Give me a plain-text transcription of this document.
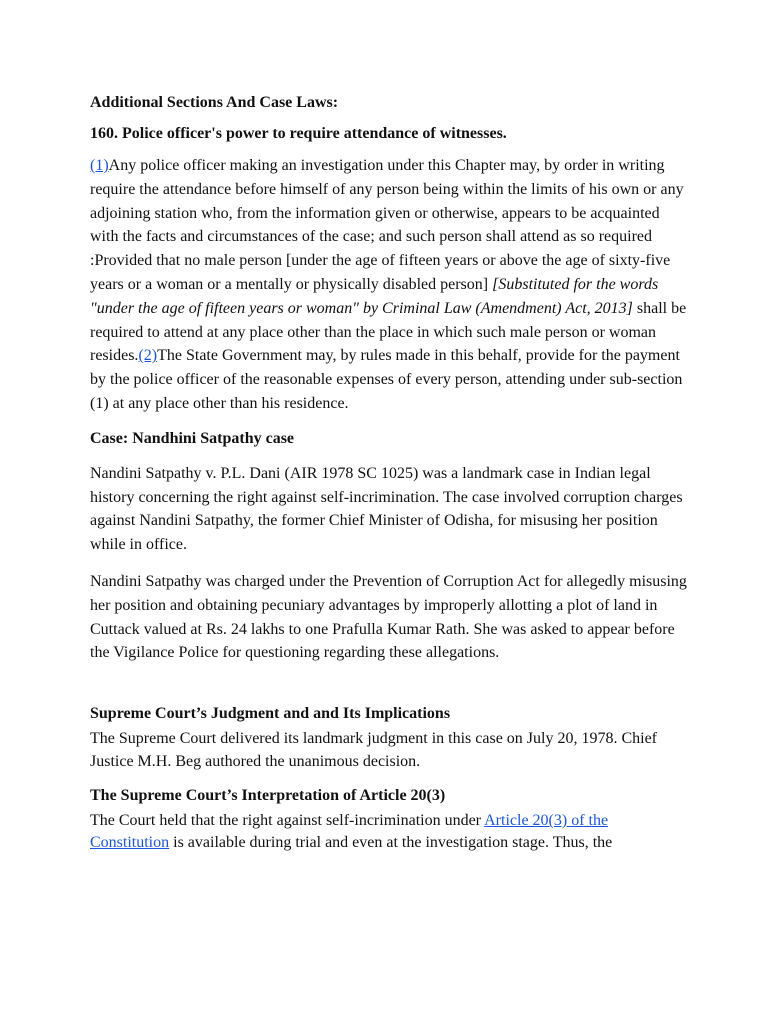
Additional Sections And Case Laws:

160. Police officer's power to require attendance of witnesses.

(1)Any police officer making an investigation under this Chapter may, by order in writing require the attendance before himself of any person being within the limits of his own or any adjoining station who, from the information given or otherwise, appears to be acquainted with the facts and circumstances of the case; and such person shall attend as so required :Provided that no male person [under the age of fifteen years or above the age of sixty-five years or a woman or a mentally or physically disabled person] [Substituted for the words "under the age of fifteen years or woman" by Criminal Law (Amendment) Act, 2013] shall be required to attend at any place other than the place in which such male person or woman resides.(2)The State Government may, by rules made in this behalf, provide for the payment by the police officer of the reasonable expenses of every person, attending under sub-section (1) at any place other than his residence.

Case: Nandhini Satpathy case

Nandini Satpathy v. P.L. Dani (AIR 1978 SC 1025) was a landmark case in Indian legal history concerning the right against self-incrimination. The case involved corruption charges against Nandini Satpathy, the former Chief Minister of Odisha, for misusing her position while in office.

Nandini Satpathy was charged under the Prevention of Corruption Act for allegedly misusing her position and obtaining pecuniary advantages by improperly allotting a plot of land in Cuttack valued at Rs. 24 lakhs to one Prafulla Kumar Rath. She was asked to appear before the Vigilance Police for questioning regarding these allegations.

Supreme Court’s Judgment and and Its Implications

The Supreme Court delivered its landmark judgment in this case on July 20, 1978. Chief Justice M.H. Beg authored the unanimous decision.

The Supreme Court’s Interpretation of Article 20(3)

The Court held that the right against self-incrimination under Article 20(3) of the
Constitution is available during trial and even at the investigation stage. Thus, the
